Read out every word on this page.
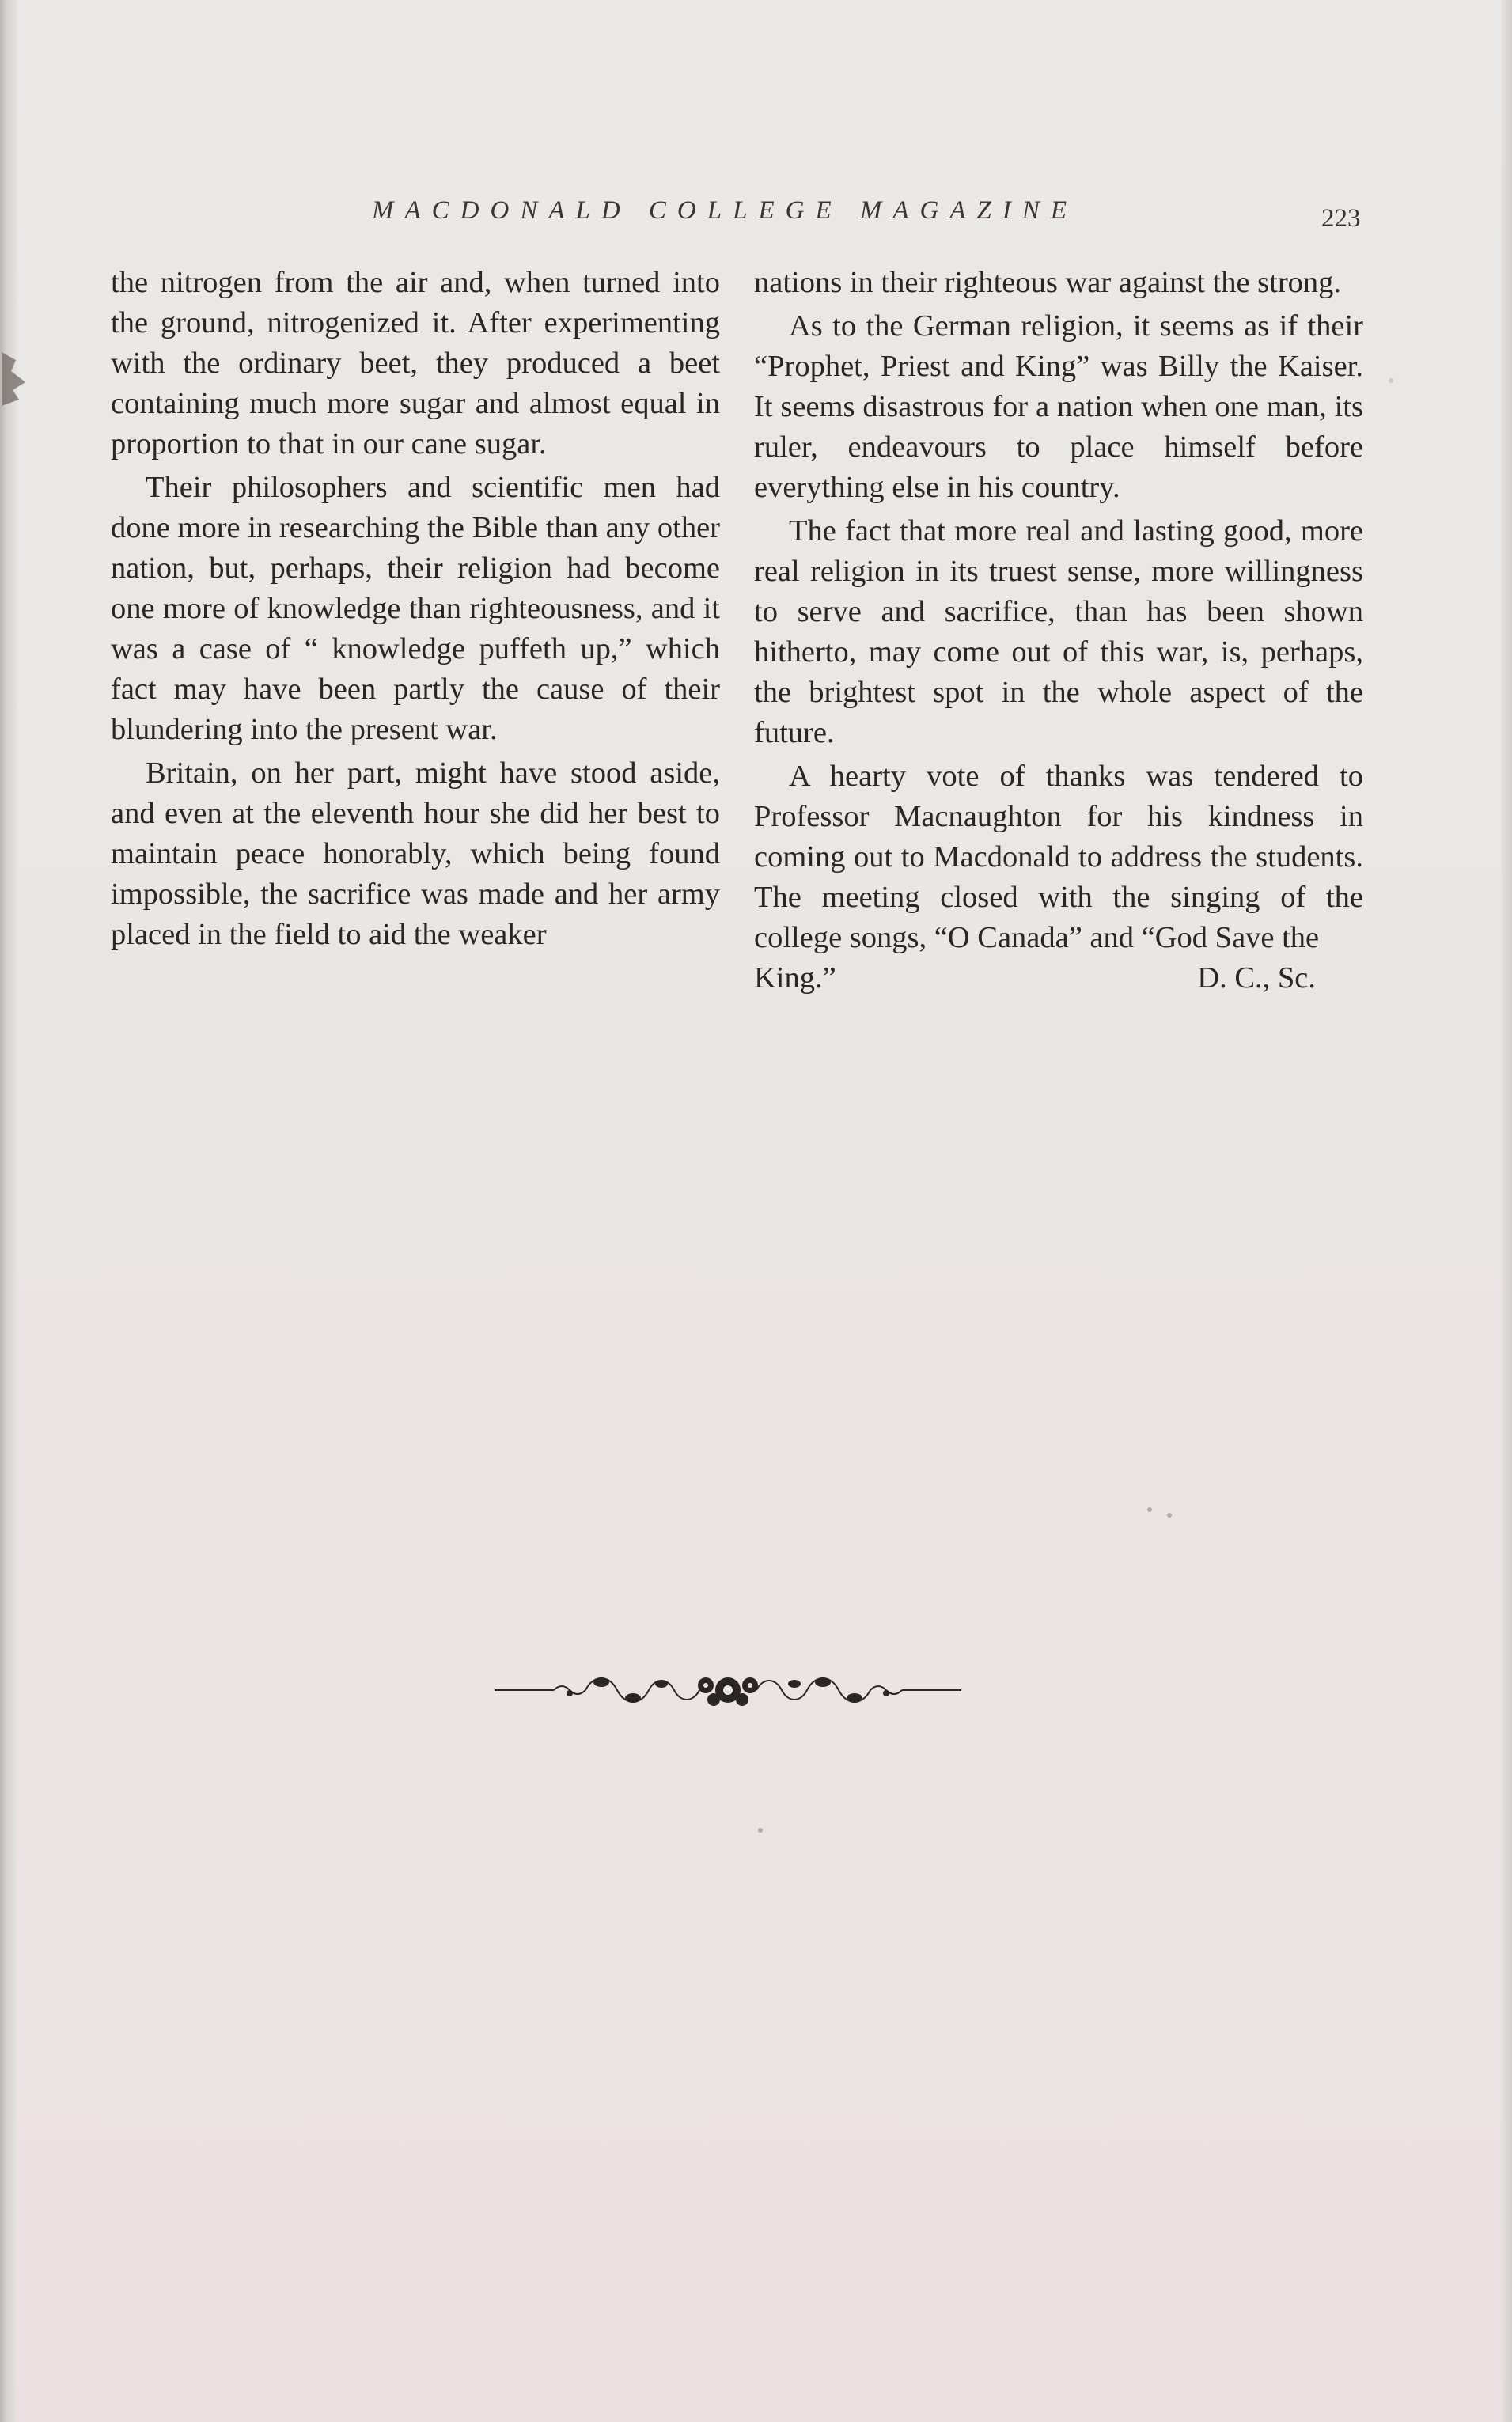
MACDONALD COLLEGE MAGAZINE	223

the nitrogen from the air and, when turned into the ground, nitrogenized it. After experimenting with the ordinary beet, they produced a beet containing much more sugar and almost equal in proportion to that in our cane sugar.

Their philosophers and scientific men had done more in researching the Bible than any other nation, but, perhaps, their religion had become one more of knowledge than righteousness, and it was a case of “ knowledge puffeth up,” which fact may have been partly the cause of their blundering into the present war.

Britain, on her part, might have stood aside, and even at the eleventh hour she did her best to maintain peace honorably, which being found impossible, the sacrifice was made and her army placed in the field to aid the weaker

nations in their righteous war against the strong.

As to the German religion, it seems as if their “Prophet, Priest and King” was Billy the Kaiser. It seems disastrous for a nation when one man, its ruler, endeavours to place himself before everything else in his country.

The fact that more real and lasting good, more real religion in its truest sense, more willingness to serve and sacrifice, than has been shown hitherto, may come out of this war, is, perhaps, the brightest spot in the whole aspect of the future.

A hearty vote of thanks was tendered to Professor Macnaughton for his kindness in coming out to Macdonald to address the students. The meeting closed with the singing of the college songs, “O Canada” and “God Save the

King.”	D. C., Sc.
